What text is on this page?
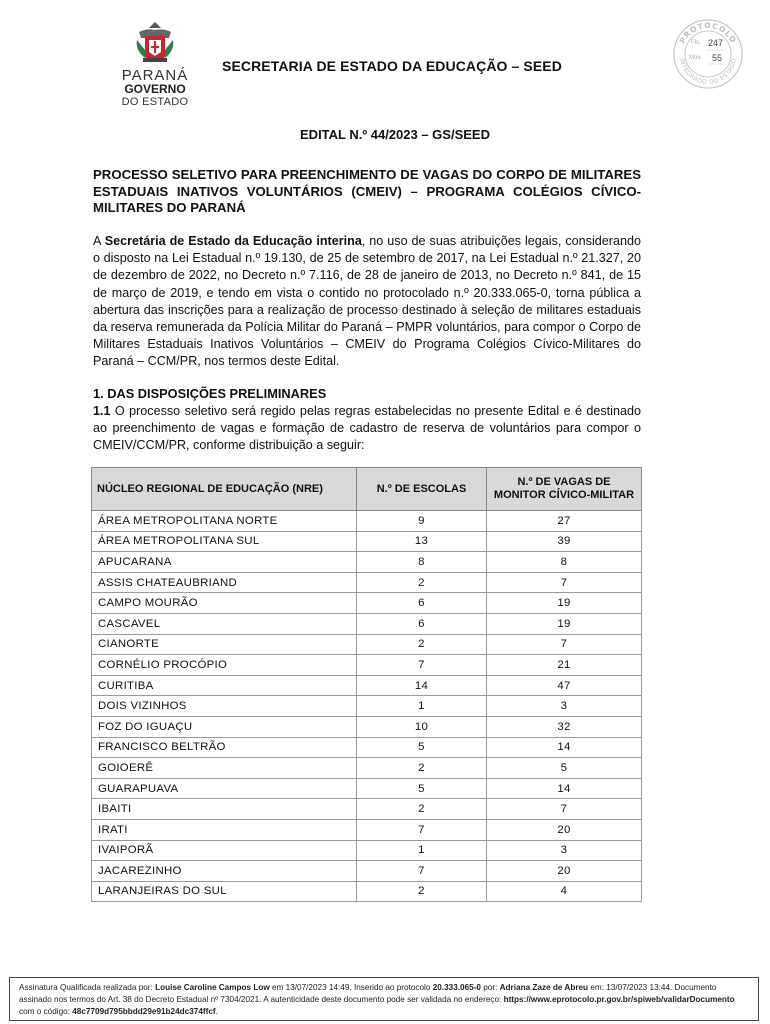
PARANÁ
GOVERNO
DO ESTADO
SECRETARIA DE ESTADO DA EDUCAÇÃO – SEED
PROTOCOLO
INTEGRADO DO ESTADO
Fls. 247
Mov. 55
EDITAL N.º 44/2023 – GS/SEED
PROCESSO SELETIVO PARA PREENCHIMENTO DE VAGAS DO CORPO DE MILITARES ESTADUAIS INATIVOS VOLUNTÁRIOS (CMEIV) – PROGRAMA COLÉGIOS CÍVICO-MILITARES DO PARANÁ

A Secretária de Estado da Educação interina, no uso de suas atribuições legais, considerando o disposto na Lei Estadual n.º 19.130, de 25 de setembro de 2017, na Lei Estadual n.º 21.327, 20 de dezembro de 2022, no Decreto n.º 7.116, de 28 de janeiro de 2013, no Decreto n.º 841, de 15 de março de 2019, e tendo em vista o contido no protocolado n.º 20.333.065-0, torna pública a abertura das inscrições para a realização de processo destinado à seleção de militares estaduais da reserva remunerada da Polícia Militar do Paraná – PMPR voluntários, para compor o Corpo de Militares Estaduais Inativos Voluntários – CMEIV do Programa Colégios Cívico-Militares do Paraná – CCM/PR, nos termos deste Edital.

1. DAS DISPOSIÇÕES PRELIMINARES

1.1 O processo seletivo será regido pelas regras estabelecidas no presente Edital e é destinado ao preenchimento de vagas e formação de cadastro de reserva de voluntários para compor o CMEIV/CCM/PR, conforme distribuição a seguir:

NÚCLEO REGIONAL DE EDUCAÇÃO (NRE)	N.º DE ESCOLAS	N.º DE VAGAS DE MONITOR CÍVICO-MILITAR
ÁREA METROPOLITANA NORTE	9	27
ÁREA METROPOLITANA SUL	13	39
APUCARANA	8	8
ASSIS CHATEAUBRIAND	2	7
CAMPO MOURÃO	6	19
CASCAVEL	6	19
CIANORTE	2	7
CORNÉLIO PROCÓPIO	7	21
CURITIBA	14	47
DOIS VIZINHOS	1	3
FOZ DO IGUAÇU	10	32
FRANCISCO BELTRÃO	5	14
GOIOERÊ	2	5
GUARAPUAVA	5	14
IBAITI	2	7
IRATI	7	20
IVAIPORÃ	1	3
JACAREZINHO	7	20
LARANJEIRAS DO SUL	2	4
Assinatura Qualificada realizada por: Louise Caroline Campos Low em 13/07/2023 14:49. Inserido ao protocolo 20.333.065-0 por: Adriana Zaze de Abreu em: 13/07/2023 13:44. Documento assinado nos termos do Art. 38 do Decreto Estadual nº 7304/2021. A autenticidade deste documento pode ser validada no endereço: https://www.eprotocolo.pr.gov.br/spiweb/validarDocumento com o código: 48c7709d795bbdd29e91b24dc374ffcf.
